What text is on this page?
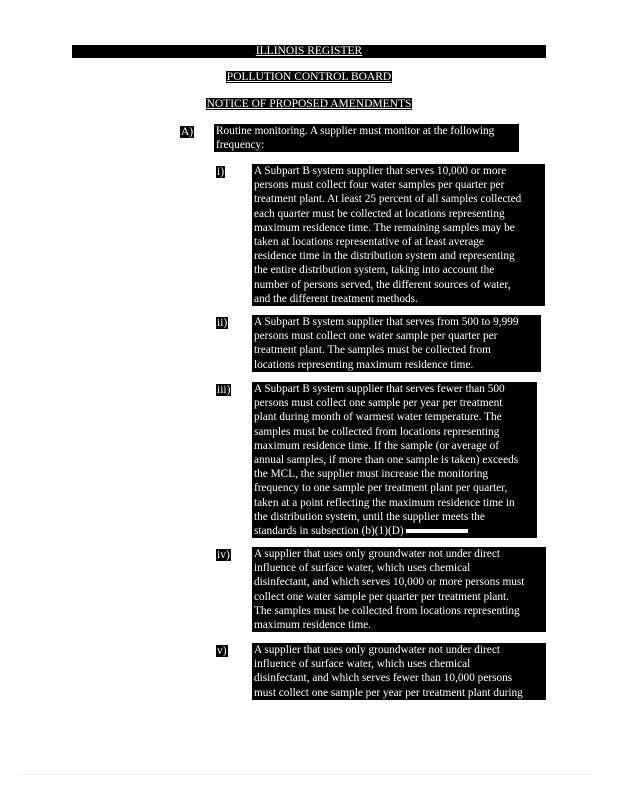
ILLINOIS REGISTER
POLLUTION CONTROL BOARD
NOTICE OF PROPOSED AMENDMENTS
A) Routine monitoring. A supplier must monitor at the following
frequency:
i)	A Subpart B system supplier that serves 10,000 or more
persons must collect four water samples per quarter per
treatment plant. At least 25 percent of all samples collected
each quarter must be collected at locations representing
maximum residence time. The remaining samples may be
taken at locations representative of at least average
residence time in the distribution system and representing
the entire distribution system, taking into account the
number of persons served, the different sources of water,
and the different treatment methods.
ii) A Subpart B system supplier that serves from 500 to 9,999
persons must collect one water sample per quarter per
treatment plant. The samples must be collected from
locations representing maximum residence time.
iii) A Subpart B system supplier that serves fewer than 500
persons must collect one sample per year per treatment
plant during month of warmest water temperature. The
samples must be collected from locations representing
maximum residence time. If the sample (or average of
annual samples, if more than one sample is taken) exceeds
the MCL, the supplier must increase the monitoring
frequency to one sample per treatment plant per quarter,
taken at a point reflecting the maximum residence time in
the distribution system, until the supplier meets the
standards in subsection (b)(1)(D)
iv) A supplier that uses only groundwater not under direct
influence of surface water, which uses chemical
disinfectant, and which serves 10,000 or more persons must
collect one water sample per quarter per treatment plant.
The samples must be collected from locations representing
maximum residence time.
v) A supplier that uses only groundwater not under direct
influence of surface water, which uses chemical
disinfectant, and which serves fewer than 10,000 persons
must collect one sample per year per treatment plant during
